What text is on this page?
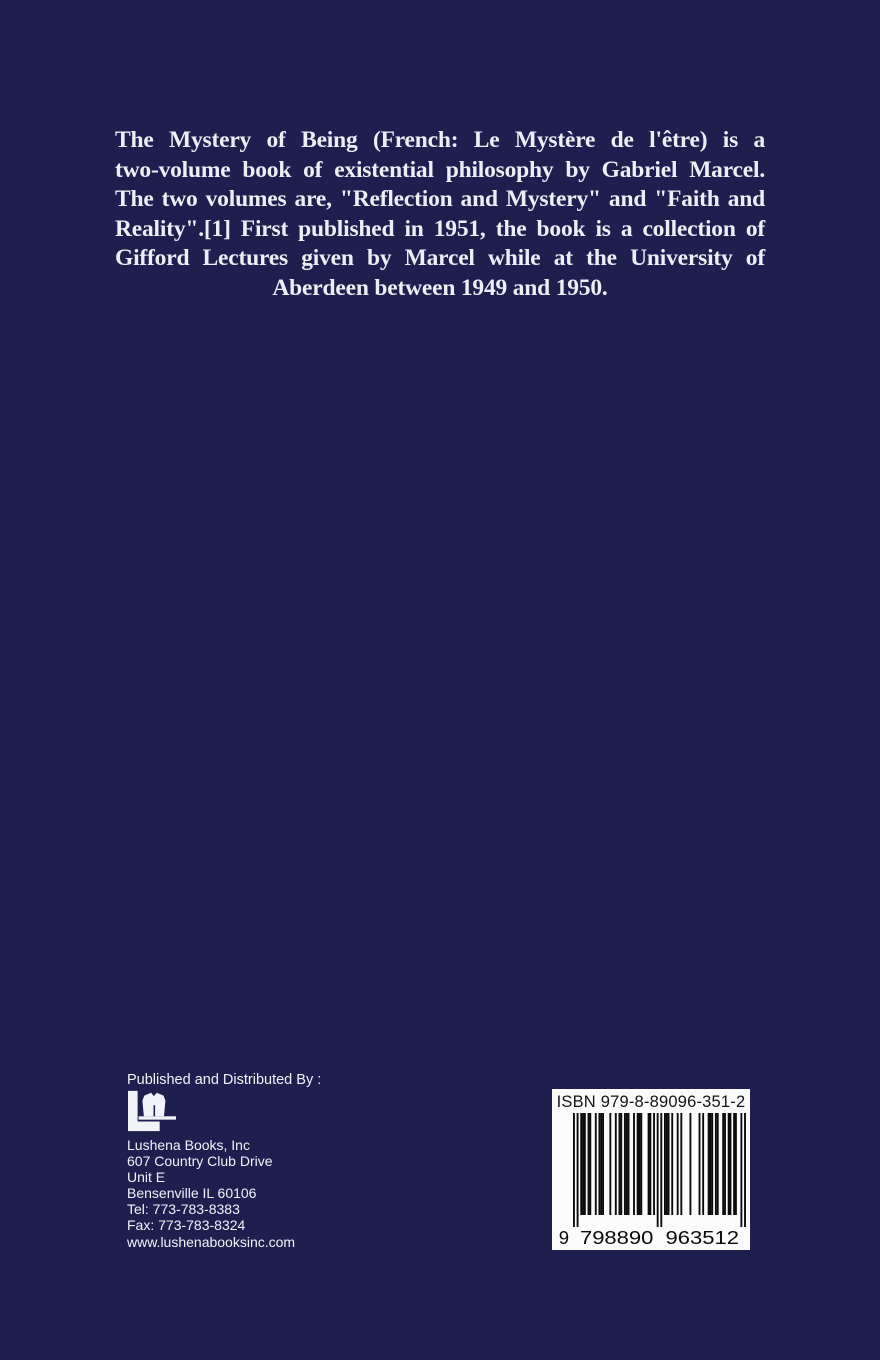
The Mystery of Being (French: Le Mystère de l'être) is a
two-volume book of existential philosophy by Gabriel Marcel.
The two volumes are, "Reflection and Mystery" and "Faith and
Reality".[1] First published in 1951, the book is a collection of
Gifford Lectures given by Marcel while at the University of
Aberdeen between 1949 and 1950.
Published and Distributed By :
Lushena Books, Inc
607 Country Club Drive
Unit E
Bensenville IL 60106
Tel: 773-783-8383
Fax: 773-783-8324
www.lushenabooksinc.com
ISBN 979-8-89096-351-2
9 798890 963512
